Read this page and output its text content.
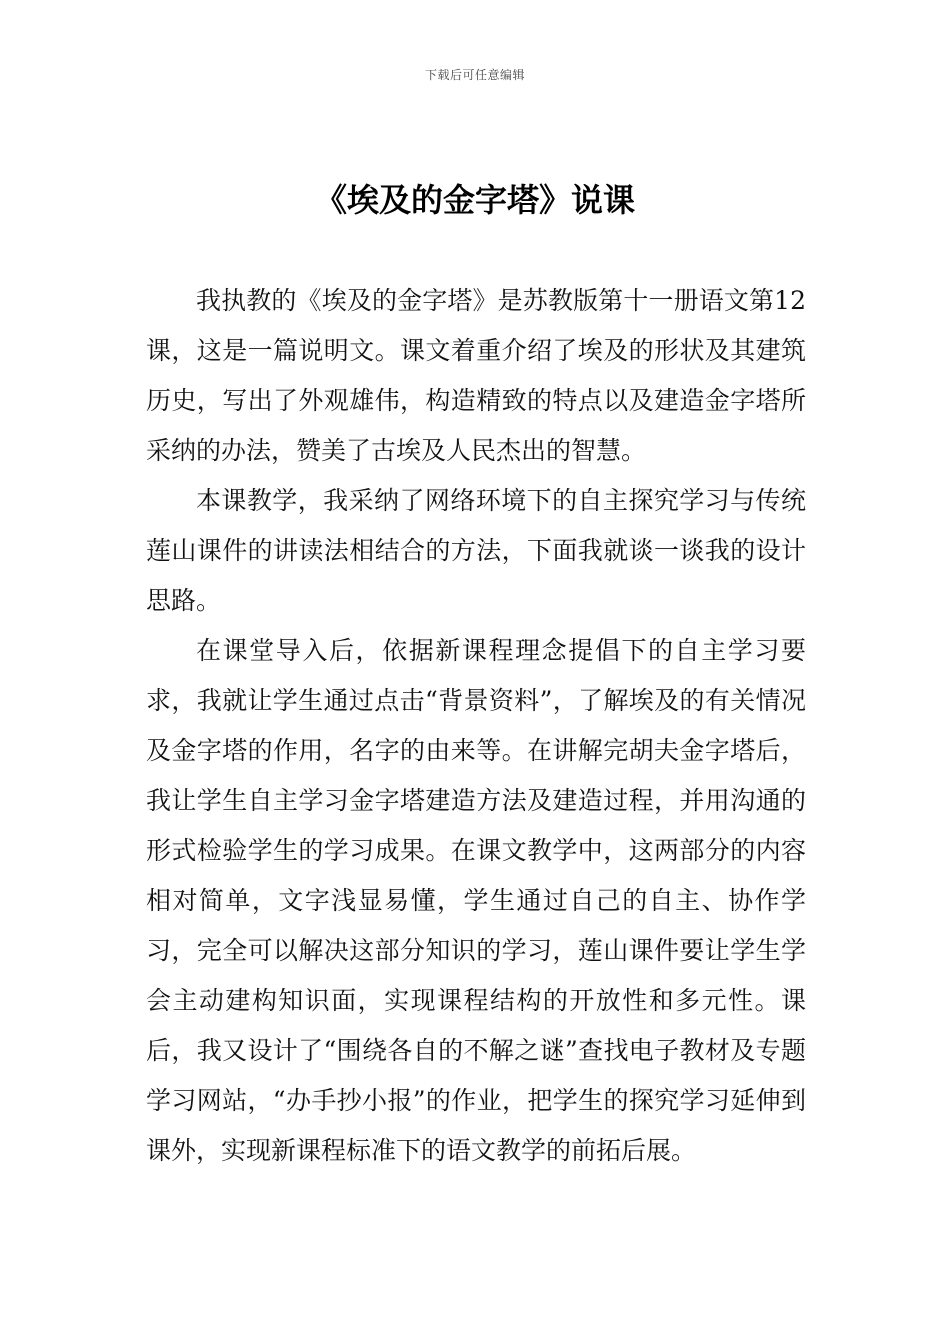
下载后可任意编辑
《埃及的金字塔》说课

我执教的《埃及的金字塔》是苏教版第十一册语文第12课，这是一篇说明文。课文着重介绍了埃及的形状及其建筑历史，写出了外观雄伟，构造精致的特点以及建造金字塔所采纳的办法，赞美了古埃及人民杰出的智慧。

本课教学，我采纳了网络环境下的自主探究学习与传统莲山课件的讲读法相结合的方法，下面我就谈一谈我的设计思路。

在课堂导入后，依据新课程理念提倡下的自主学习要求，我就让学生通过点击“背景资料”，了解埃及的有关情况及金字塔的作用，名字的由来等。在讲解完胡夫金字塔后，我让学生自主学习金字塔建造方法及建造过程，并用沟通的形式检验学生的学习成果。在课文教学中，这两部分的内容相对简单，文字浅显易懂，学生通过自己的自主、协作学习，完全可以解决这部分知识的学习，莲山课件要让学生学会主动建构知识面，实现课程结构的开放性和多元性。课后，我又设计了“围绕各自的不解之谜”查找电子教材及专题学习网站，“办手抄小报”的作业，把学生的探究学习延伸到课外，实现新课程标准下的语文教学的前拓后展。
